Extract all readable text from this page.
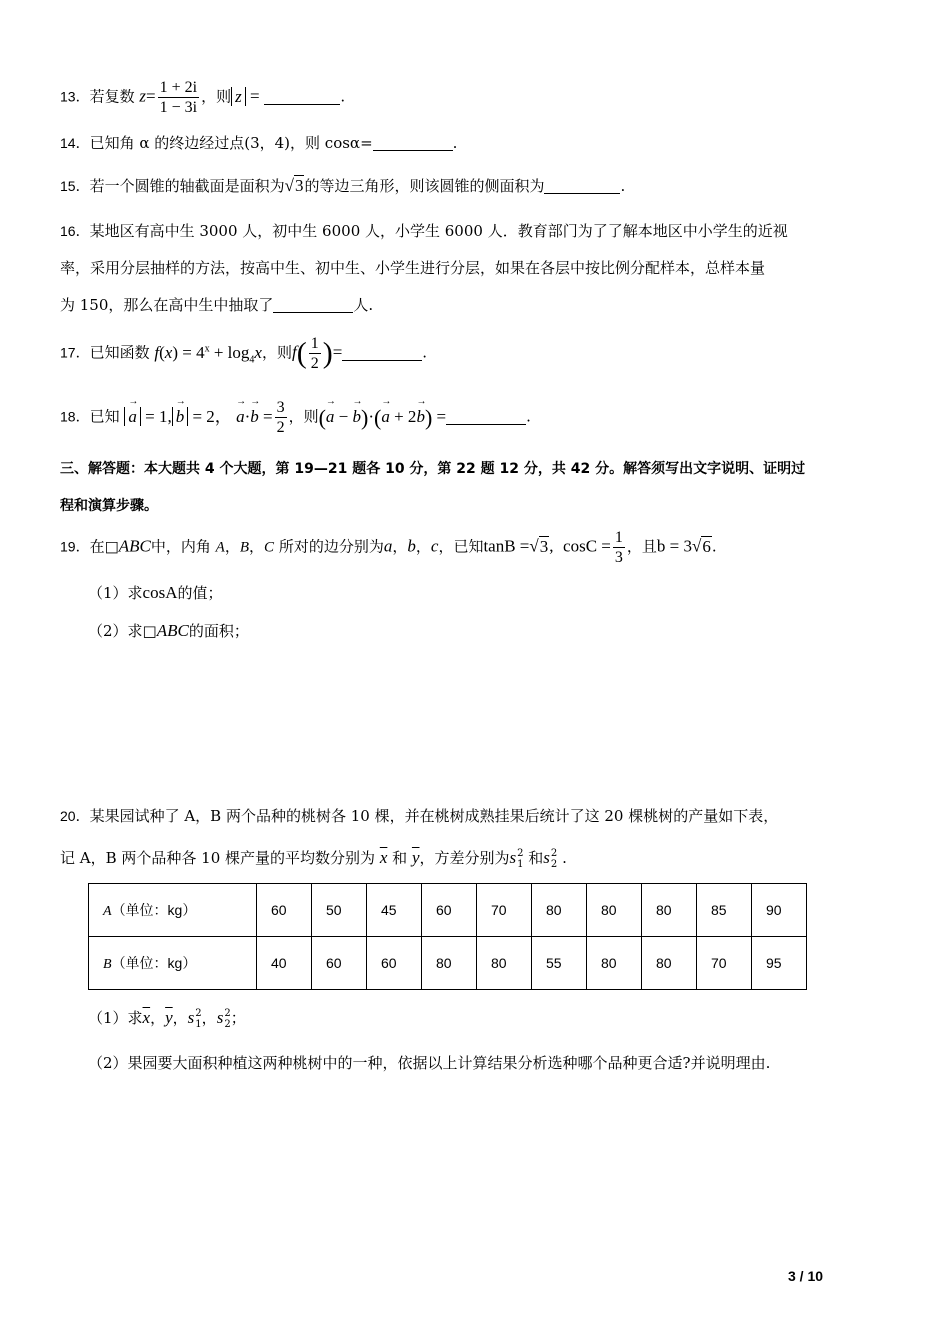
13．若复数 $z= \frac{1 + 2i}{1 - 3i}$ ，则 z =	.
14．已知角 α 的终边经过点(3，4)，则 cosα=	.
15．若一个圆锥的轴截面是面积为√3的等边三角形，则该圆锥的侧面积为	.
16．某地区有高中生 3000 人，初中生 6000 人，小学生 6000 人．教育部门为了了解本地区中小学生的近视
率，采用分层抽样的方法，按高中生、初中生、小学生进行分层，如果在各层中按比例分配样本，总样本量
为 150，那么在高中生中抽取了	人.
17．已知函数 $f(x) = 4^x + \log_4x$，则$f( \frac{1}{2}$ )=	.
18．已知 → a = 1, → b = 2， → $a\cdot\to b = \frac{3}{2}$ ，则(→ a − → b)·(→ a + 2→ b) =	.
三、解答题：本大题共 4 个大题，第 19—21 题各 10 分，第 22 题 12 分，共 42 分。解答须写出文字说明、证明过
程和演算步骤。
19．在□ABC中，内角 A，B，C 所对的边分别为a，b，c，已知tanB =√3, $\cos C = \frac{1}{3}$ ，且b = 3√6.
（1）求cosA的值；
（2）求□ABC的面积；
20．某果园试种了 A，B 两个品种的桃树各 10 棵，并在桃树成熟挂果后统计了这 20 棵桃树的产量如下表，
记 A，B 两个品种各 10 棵产量的平均数分别为 $\overline{x}$ 和 $\overline{y}$，方差分别为s 2
1 和s 2
2 .
A（单位：kg）	60	50	45	60	70	80	80	80	85	90
B（单位：kg）	40	60	60	80	80	55	80	80	70	95
（1）求$\overline{x}$，$\overline{y}$，s 2
1 ，s 2
2 ；
（2）果园要大面积种植这两种桃树中的一种，依据以上计算结果分析选种哪个品种更合适?并说明理由.
3 / 10
